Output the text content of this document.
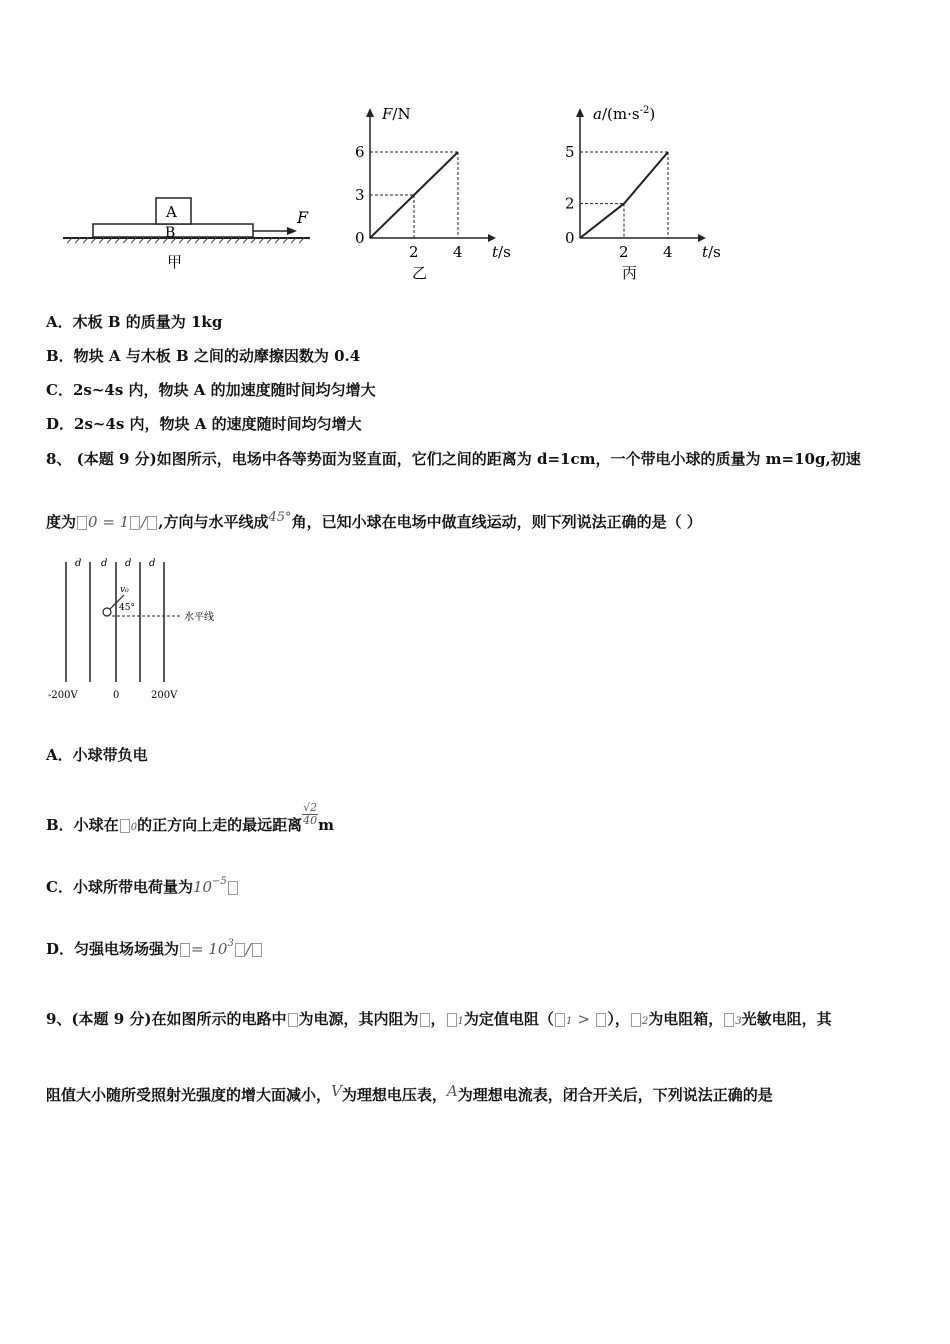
A
B
F
甲
F/N
t/s
0
2
3
4
6
乙
$a/(m\cdot s^{-2})$
t/s
0
2
2
4
5
丙
A．木板 B 的质量为 1kg
B．物块 A 与木板 B 之间的动摩擦因数为 0.4
C．2s~4s 内，物块 A 的加速度随时间均匀增大
D．2s~4s 内，物块 A 的速度随时间均匀增大
8、 (本题 9 分)如图所示，电场中各等势面为竖直面，它们之间的距离为 d=1cm，一个带电小球的质量为 m=10g,初速
度为 0 = 1 / ,方向与水平线成45°角，已知小球在电场中做直线运动，则下列说法正确的是（ ）
d d d d
水平线
v₀
45°
-200V	0	200V
A．小球带负电
B．小球在 0的正方向上走的最远距离 $\frac{√2}{40}$ m
C．小球所带电荷量为$10^{-5}$
D．匀强电场场强为 = $10^3$ /
9、(本题 9 分)在如图所示的电路中 为电源，其内阻为 ， 1为定值电阻（ 1 > ）， 2为电阻箱， 3光敏电阻，其
阻值大小随所受照射光强度的增大面减小，V为理想电压表，A为理想电流表，闭合开关后，下列说法正确的是
